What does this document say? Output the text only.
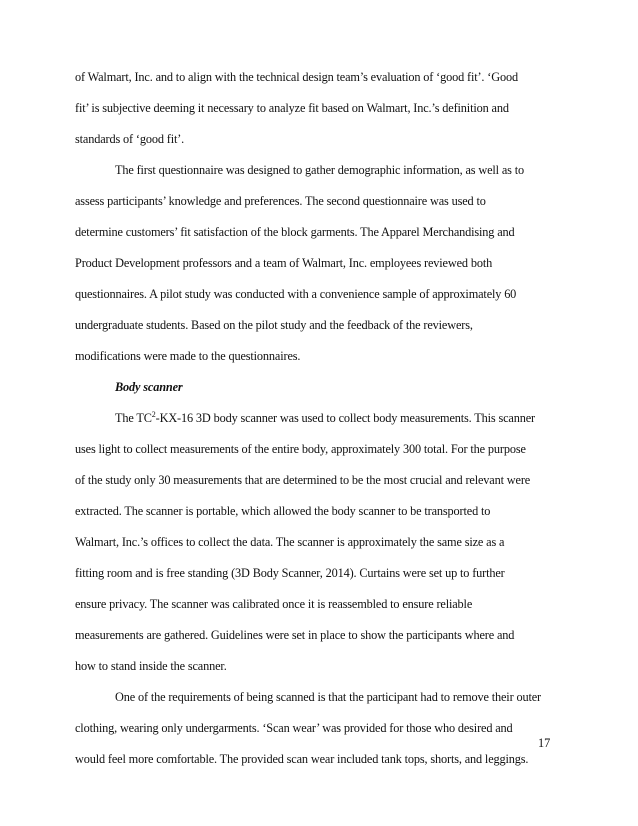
of Walmart, Inc. and to align with the technical design team’s evaluation of ‘good fit’. ‘Good
fit’ is subjective deeming it necessary to analyze fit based on Walmart, Inc.’s definition and
standards of ‘good fit’.
The first questionnaire was designed to gather demographic information, as well as to
assess participants’ knowledge and preferences. The second questionnaire was used to
determine customers’ fit satisfaction of the block garments. The Apparel Merchandising and
Product Development professors and a team of Walmart, Inc. employees reviewed both
questionnaires. A pilot study was conducted with a convenience sample of approximately 60
undergraduate students. Based on the pilot study and the feedback of the reviewers,
modifications were made to the questionnaires.
Body scanner
The $TC^2-KX-16$ 3D body scanner was used to collect body measurements. This scanner
uses light to collect measurements of the entire body, approximately 300 total. For the purpose
of the study only 30 measurements that are determined to be the most crucial and relevant were
extracted. The scanner is portable, which allowed the body scanner to be transported to
Walmart, Inc.’s offices to collect the data. The scanner is approximately the same size as a
fitting room and is free standing (3D Body Scanner, 2014). Curtains were set up to further
ensure privacy. The scanner was calibrated once it is reassembled to ensure reliable
measurements are gathered. Guidelines were set in place to show the participants where and
how to stand inside the scanner.
One of the requirements of being scanned is that the participant had to remove their outer
clothing, wearing only undergarments. ‘Scan wear’ was provided for those who desired and
would feel more comfortable. The provided scan wear included tank tops, shorts, and leggings.
17
